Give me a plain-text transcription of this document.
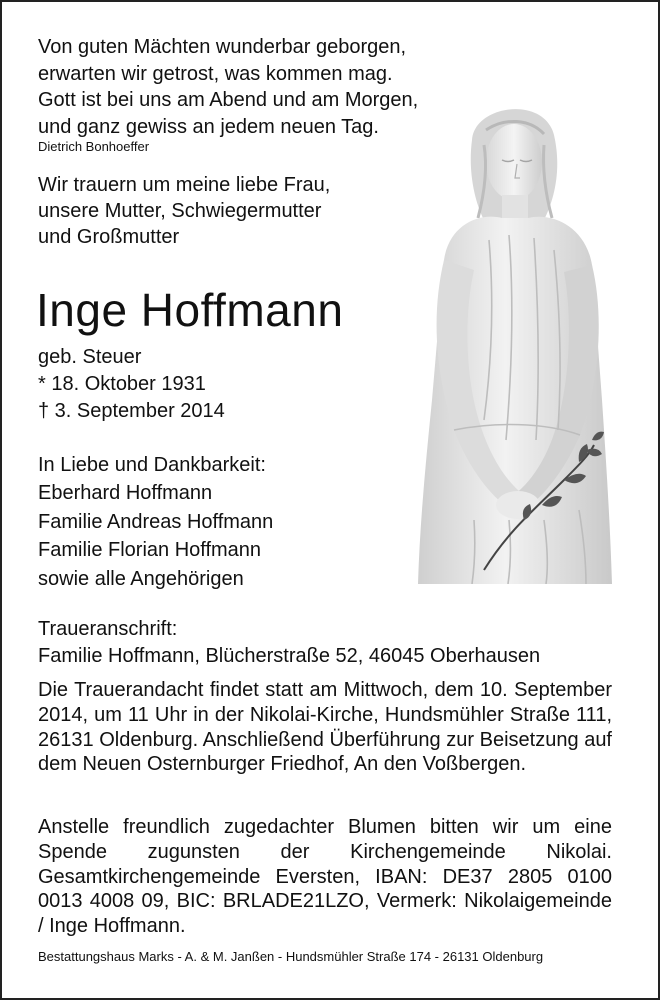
Von guten Mächten wunderbar geborgen,
erwarten wir getrost, was kommen mag.
Gott ist bei uns am Abend und am Morgen,
und ganz gewiss an jedem neuen Tag.
Dietrich Bonhoeffer
Wir trauern um meine liebe Frau,
unsere Mutter, Schwiegermutter
und Großmutter
Inge Hoffmann
geb. Steuer
* 18. Oktober 1931
† 3. September 2014
In Liebe und Dankbarkeit:
Eberhard Hoffmann
Familie Andreas Hoffmann
Familie Florian Hoffmann
sowie alle Angehörigen
Traueranschrift:
Familie Hoffmann, Blücherstraße 52, 46045 Oberhausen
Die Trauerandacht findet statt am Mittwoch, dem 10. September 2014, um 11 Uhr in der Nikolai-Kirche, Hundsmühler Straße 111, 26131 Oldenburg. Anschließend Überführung zur Beisetzung auf dem Neuen Osternburger Friedhof, An den Voßbergen.
Anstelle freundlich zugedachter Blumen bitten wir um eine Spende zugunsten der Kirchengemeinde Nikolai. Gesamtkirchengemeinde Eversten, IBAN: DE37 2805 0100 0013 4008 09, BIC: BRLADE21LZO, Vermerk: Nikolaigemeinde / Inge Hoffmann.
Bestattungshaus Marks - A. & M. Janßen - Hundsmühler Straße 174 - 26131 Oldenburg
